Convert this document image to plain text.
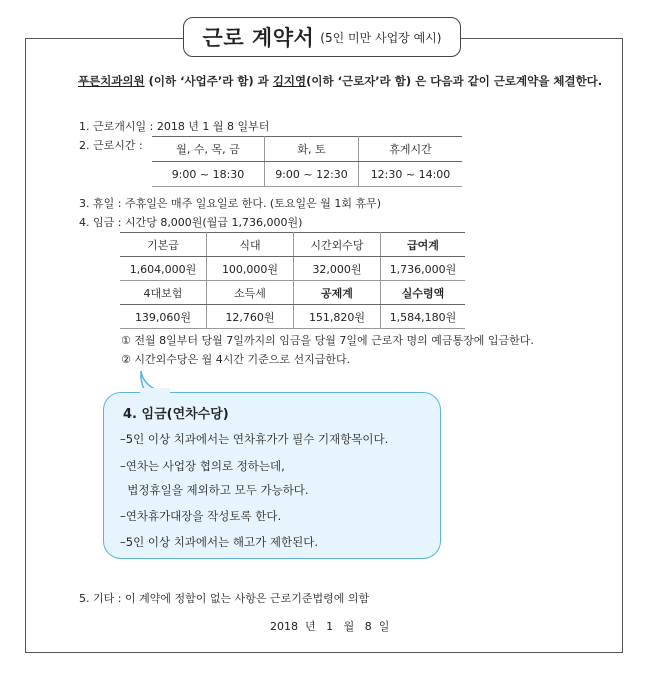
근로 계약서 (5인 미만 사업장 예시)
푸른치과의원 (이하 ‘사업주’라 함) 과 김지영(이하 ‘근로자’라 함) 은 다음과 같이 근로계약을 체결한다.
1. 근로개시일 : 2018 년 1 월 8 일부터
2. 근로시간 :	월, 수, 목, 금	화, 토	휴게시간
9:00 ~ 18:30	9:00 ~ 12:30	12:30 ~ 14:00
3. 휴일 : 주휴일은 매주 일요일로 한다. (토요일은 월 1회 휴무)
4. 임금 : 시간당 8,000원(월급 1,736,000원)
기본급	식대	시간외수당	급여계
1,604,000원	100,000원	32,000원	1,736,000원
4대보험	소득세	공제계	실수령액
139,060원	12,760원	151,820원	1,584,180원
① 전월 8일부터 당월 7일까지의 임금을 당월 7일에 근로자 명의 예금통장에 입금한다.
② 시간외수당은 월 4시간 기준으로 선지급한다.
4. 임금(연차수당)
–5인 이상 치과에서는 연차휴가가 필수 기재항목이다.
–연차는 사업장 협의로 정하는데,
법정휴일을 제외하고 모두 가능하다.
–연차휴가대장을 작성토록 한다.
–5인 이상 치과에서는 해고가 제한된다.
5. 기타 : 이 계약에 정함이 없는 사항은 근로기준법령에 의함
2018  년   1   월   8  일
